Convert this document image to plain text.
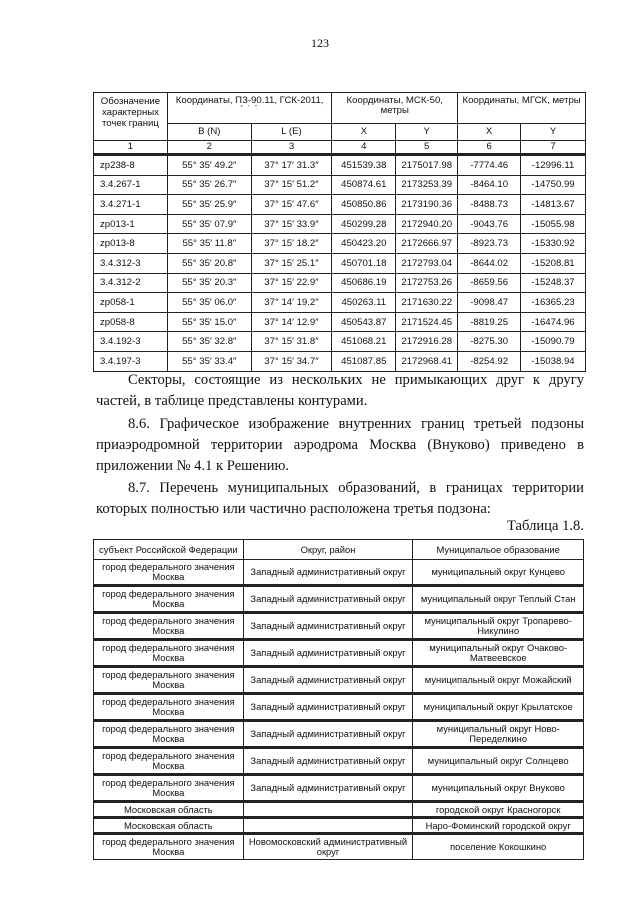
123
Обозначение характерных точек границ	Координаты, ПЗ-90.11, ГСК-2011,
° ′ ″		Координаты, МСК-50, метры		Координаты, МГСК, метры	
	B (N)	L (E)	X	Y	X	Y
1	2	3	4	5	6	7
zp238-8	55° 35′ 49.2″	37° 17′ 31.3″	451539.38	2175017.98	-7774.46	-12996.11
3.4.267-1	55° 35′ 26.7″	37° 15′ 51.2″	450874.61	2173253.39	-8464.10	-14750.99
3.4.271-1	55° 35′ 25.9″	37° 15′ 47.6″	450850.86	2173190.36	-8488.73	-14813.67
zp013-1	55° 35′ 07.9″	37° 15′ 33.9″	450299.28	2172940.20	-9043.76	-15055.98
zp013-8	55° 35′ 11.8″	37° 15′ 18.2″	450423.20	2172666.97	-8923.73	-15330.92
3.4.312-3	55° 35′ 20.8″	37° 15′ 25.1″	450701.18	2172793.04	-8644.02	-15208.81
3.4.312-2	55° 35′ 20.3″	37° 15′ 22.9″	450686.19	2172753.26	-8659.56	-15248.37
zp058-1	55° 35′ 06.0″	37° 14′ 19.2″	450263.11	2171630.22	-9098.47	-16365.23
zp058-8	55° 35′ 15.0″	37° 14′ 12.9″	450543.87	2171524.45	-8819.25	-16474.96
3.4.192-3	55° 35′ 32.8″	37° 15′ 31.8″	451068.21	2172916.28	-8275.30	-15090.79
3.4.197-3	55° 35′ 33.4″	37° 15′ 34.7″	451087.85	2172968.41	-8254.92	-15038.94
Секторы, состоящие из нескольких не примыкающих друг к другу частей, в таблице представлены контурами.
8.6. Графическое изображение внутренних границ третьей подзоны приаэродромной территории аэродрома Москва (Внуково) приведено в приложении № 4.1 к Решению.
Таблица 1.8.
субъект Российской Федерации	Округ, район	Муниципальое образование
город федерального значения Москва	Западный административный округ	муниципальный округ Кунцево
город федерального значения Москва	Западный административный округ	муниципальный округ Теплый Стан
город федерального значения Москва	Западный административный округ	муниципальный округ Тропарево-Никулино
город федерального значения Москва	Западный административный округ	муниципальный округ Очаково-Матвеевское
город федерального значения Москва	Западный административный округ	муниципальный округ Можайский
город федерального значения Москва	Западный административный округ	муниципальный округ Крылатское
город федерального значения Москва	Западный административный округ	муниципальный округ Ново-Переделкино
город федерального значения Москва	Западный административный округ	муниципальный округ Солнцево
город федерального значения Москва	Западный административный округ	муниципальный округ Внуково
Московская область		городской округ Красногорск
Московская область		Наро-Фоминский городской округ
город федерального значения Москва	Новомосковский административный округ	поселение Кокошкино
8.7. Перечень муниципальных образований, в границах территории которых полностью или частично расположена третья подзона:
